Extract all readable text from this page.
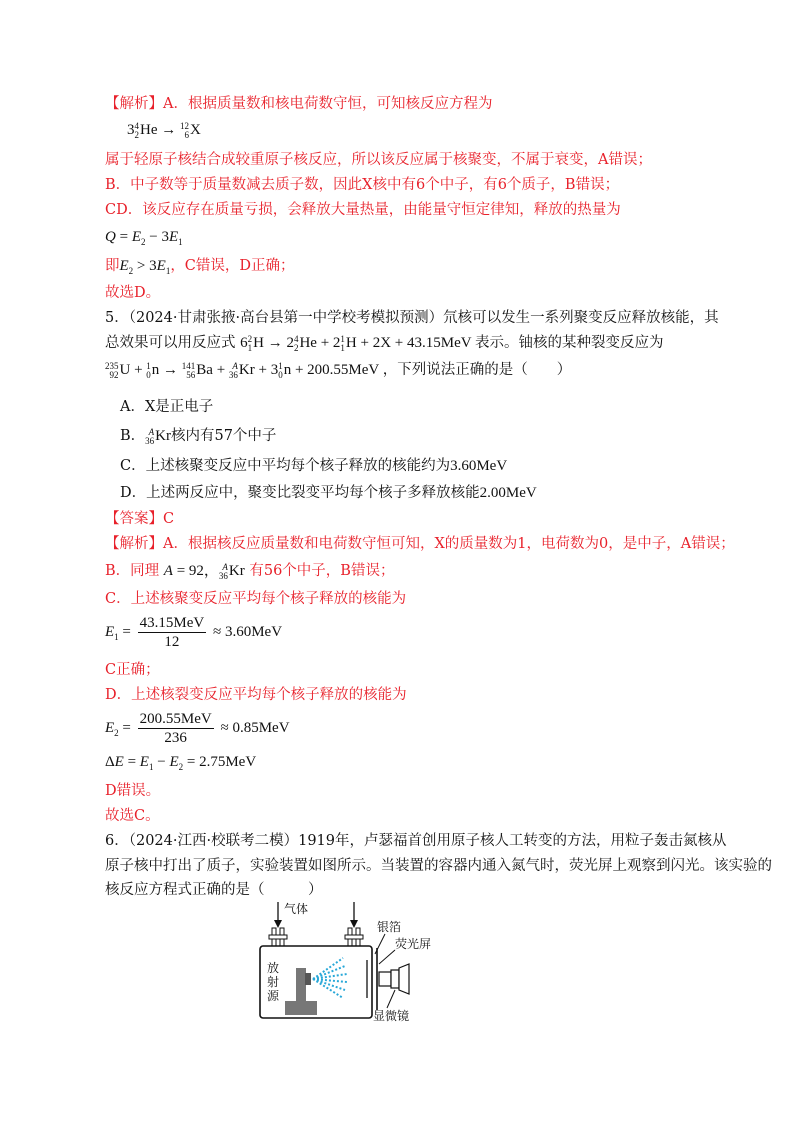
【解析】A．根据质量数和核电荷数守恒，可知核反应方程为
34
2He → 12
6X
属于轻原子核结合成较重原子核反应，所以该反应属于核聚变，不属于衰变，A错误；
B．中子数等于质量数减去质子数，因此X核中有6个中子，有6个质子，B错误；
CD．该反应存在质量亏损，会释放大量热量，由能量守恒定律知，释放的热量为
$Q = E_2 - 3E_1$
即$E_2 > 3E_1$，C错误，D正确；
故选D。
5．（2024·甘肃张掖·高台县第一中学校考模拟预测）氘核可以发生一系列聚变反应释放核能，其
总效果可以用反应式 62
1H → 24
2He + 21
1H + 2X + 43.15MeV 表示。铀核的某种裂变反应为
235
92U + 1
0n → 141
56Ba + A
36Kr + 31
0n + 200.55MeV ，下列说法正确的是（　　）
A．X是正电子
B． A
36Kr核内有57个中子
C．上述核聚变反应中平均每个核子释放的核能约为3.60MeV
D．上述两反应中，聚变比裂变平均每个核子多释放核能2.00MeV
【答案】C
【解析】A．根据核反应质量数和电荷数守恒可知，X的质量数为1，电荷数为0，是中子，A错误；
B．同理 A = 92， A
36Kr 有56个中子，B错误；
C．上述核聚变反应平均每个核子释放的核能为
$E_1 = \frac{\text{43.15MeV}}{12} \approx 3.60MeV$
C正确；
D．上述核裂变反应平均每个核子释放的核能为
$E_2 = \frac{\text{200.55MeV}}{236} \approx 0.85MeV$
$\Delta E = E_1 - E_2 = 2.75MeV$
D错误。
故选C。
6．（2024·江西·校联考二模）1919年，卢瑟福首创用原子核人工转变的方法，用粒子轰击氮核从
原子核中打出了质子，实验装置如图所示。当装置的容器内通入氮气时，荧光屏上观察到闪光。该实验的
核反应方程式正确的是（　　　）
气体
银箔
荧光屏
放
射
源
显微镜
